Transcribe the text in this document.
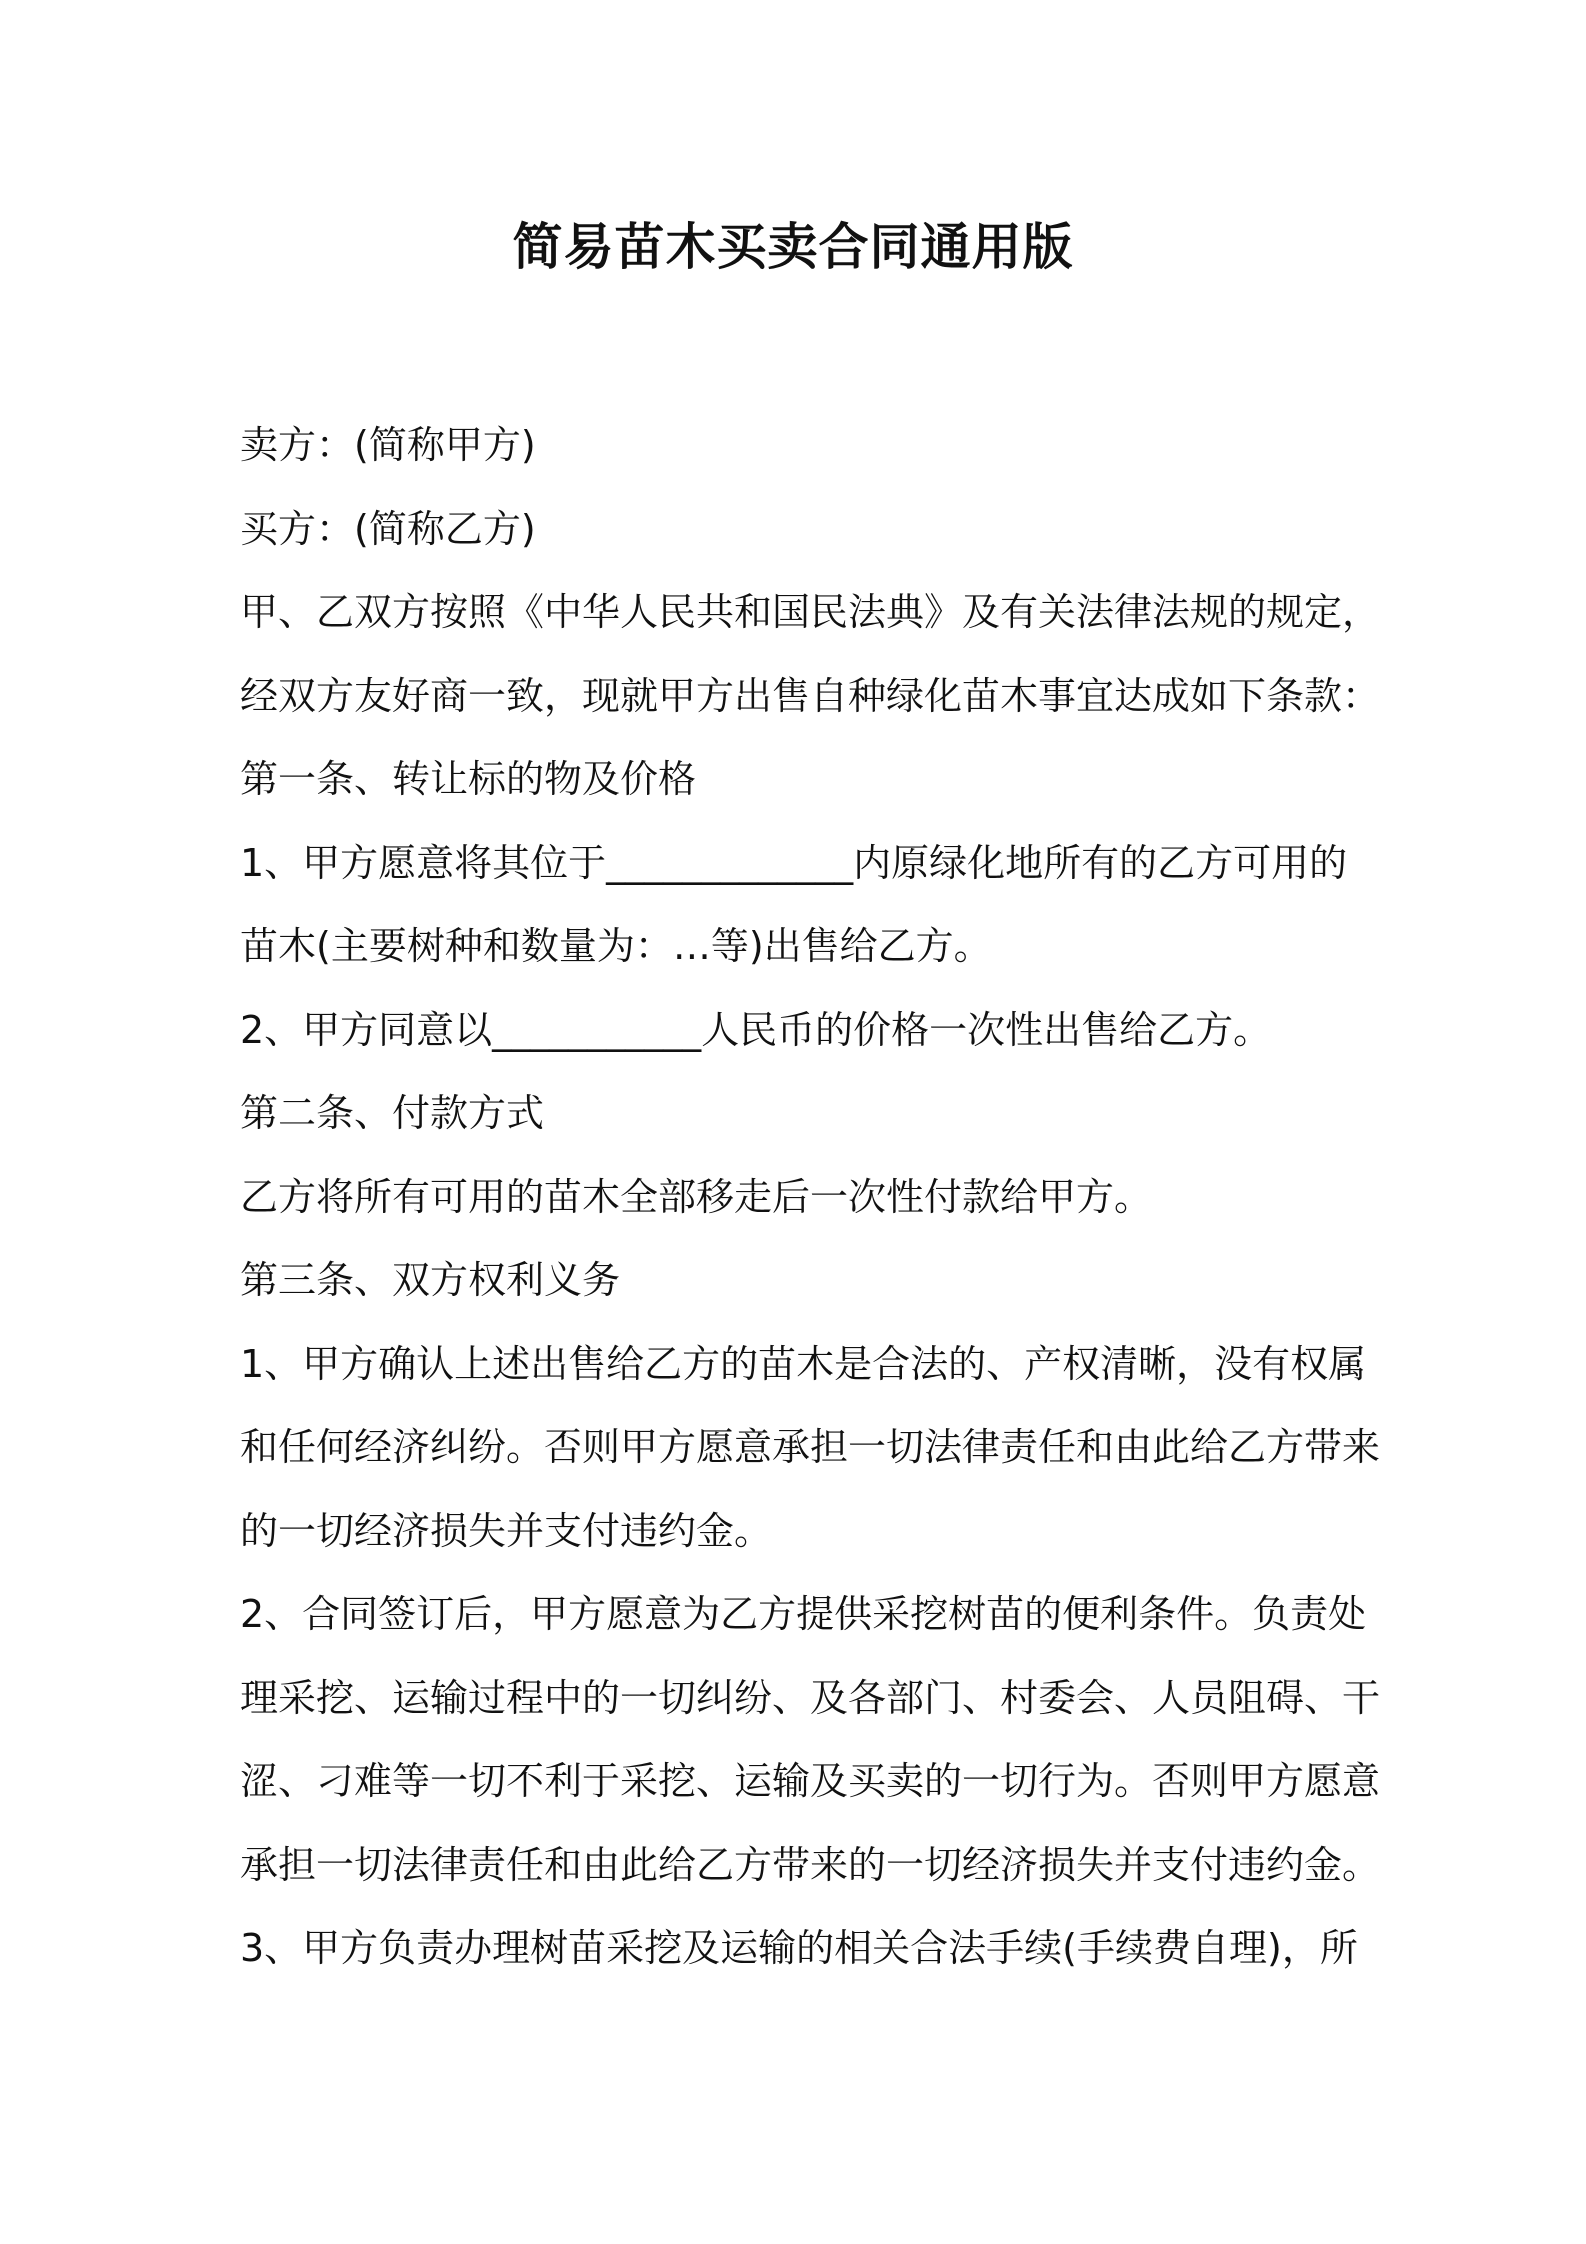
简易苗木买卖合同通用版
卖方：(简称甲方)
买方：(简称乙方)
甲、乙双方按照《中华人民共和国民法典》及有关法律法规的规定，
经双方友好商一致，现就甲方出售自种绿化苗木事宜达成如下条款：
第一条、转让标的物及价格
1、甲方愿意将其位于_____________内原绿化地所有的乙方可用的
苗木(主要树种和数量为：…等)出售给乙方。
2、甲方同意以___________人民币的价格一次性出售给乙方。
第二条、付款方式
乙方将所有可用的苗木全部移走后一次性付款给甲方。
第三条、双方权利义务
1、甲方确认上述出售给乙方的苗木是合法的、产权清晰，没有权属
和任何经济纠纷。否则甲方愿意承担一切法律责任和由此给乙方带来
的一切经济损失并支付违约金。
2、合同签订后，甲方愿意为乙方提供采挖树苗的便利条件。负责处
理采挖、运输过程中的一切纠纷、及各部门、村委会、人员阻碍、干
涩、刁难等一切不利于采挖、运输及买卖的一切行为。否则甲方愿意
承担一切法律责任和由此给乙方带来的一切经济损失并支付违约金。
3、甲方负责办理树苗采挖及运输的相关合法手续(手续费自理)，所
